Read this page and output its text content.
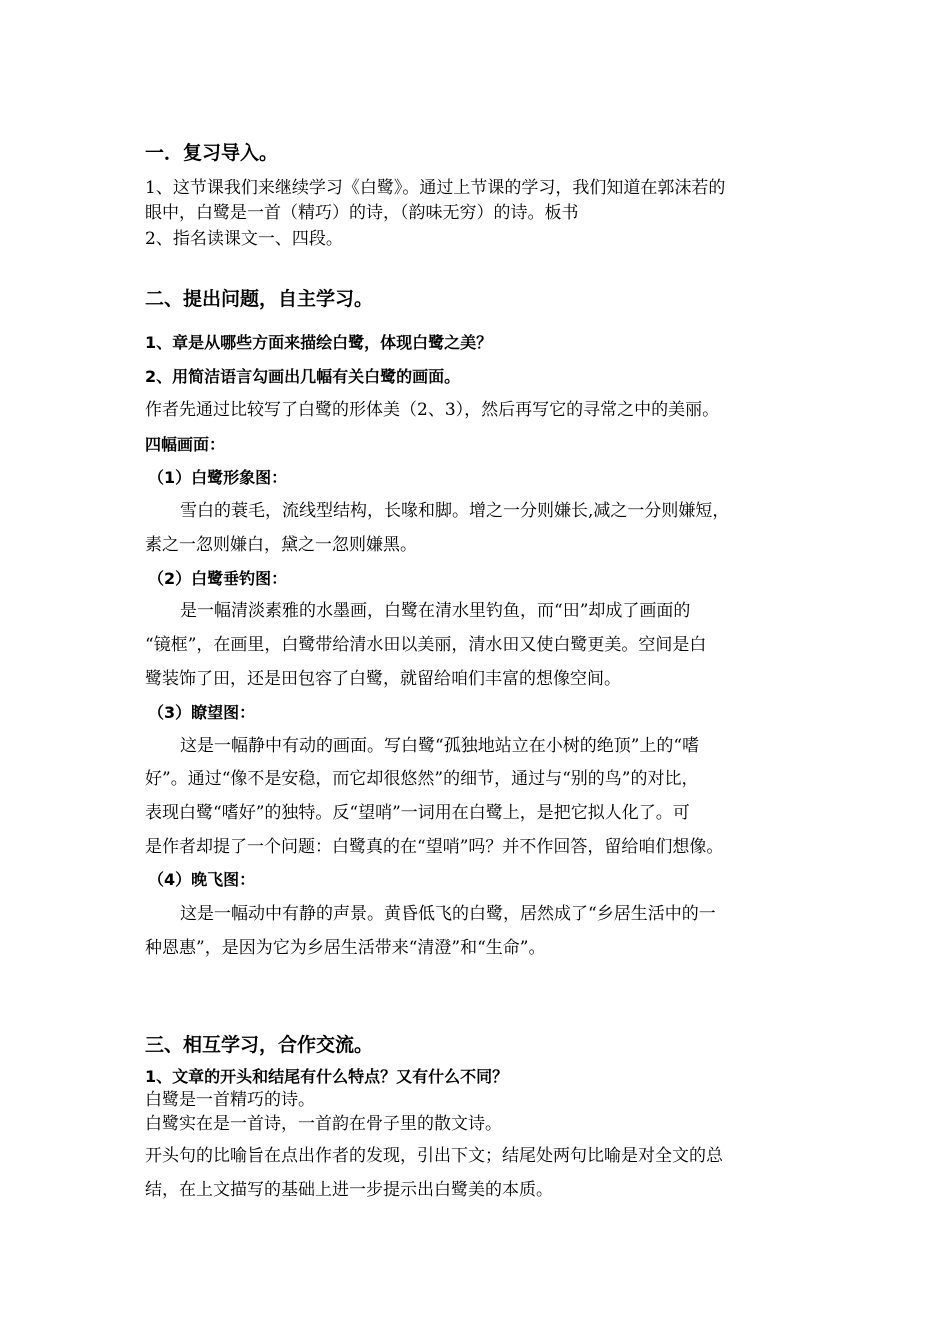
一．复习导入。
1、这节课我们来继续学习《白鹭》。通过上节课的学习，我们知道在郭沫若的
眼中，白鹭是一首（精巧）的诗，（韵味无穷）的诗。板书
2、指名读课文一、四段。
二、提出问题，自主学习。
1、章是从哪些方面来描绘白鹭，体现白鹭之美？
2、用简洁语言勾画出几幅有关白鹭的画面。
作者先通过比较写了白鹭的形体美（2、3），然后再写它的寻常之中的美丽。
四幅画面：
（1）白鹭形象图：
雪白的蓑毛，流线型结构，长喙和脚。增之一分则嫌长,减之一分则嫌短，
素之一忽则嫌白，黛之一忽则嫌黑。
（2）白鹭垂钓图：
是一幅清淡素雅的水墨画，白鹭在清水里钓鱼，而“田”却成了画面的
“镜框”，在画里，白鹭带给清水田以美丽，清水田又使白鹭更美。空间是白
鹭装饰了田，还是田包容了白鹭，就留给咱们丰富的想像空间。
（3）瞭望图：
这是一幅静中有动的画面。写白鹭“孤独地站立在小树的绝顶”上的“嗜
好”。通过“像不是安稳，而它却很悠然”的细节，通过与“别的鸟”的对比，
表现白鹭“嗜好”的独特。反“望哨”一词用在白鹭上，是把它拟人化了。可
是作者却提了一个问题：白鹭真的在“望哨”吗？并不作回答，留给咱们想像。
（4）晚飞图：
这是一幅动中有静的声景。黄昏低飞的白鹭，居然成了“乡居生活中的一
种恩惠”，是因为它为乡居生活带来“清澄”和“生命”。
三、相互学习，合作交流。
1、文章的开头和结尾有什么特点？又有什么不同？
白鹭是一首精巧的诗。
白鹭实在是一首诗，一首韵在骨子里的散文诗。
开头句的比喻旨在点出作者的发现，引出下文；结尾处两句比喻是对全文的总
结，在上文描写的基础上进一步提示出白鹭美的本质。
